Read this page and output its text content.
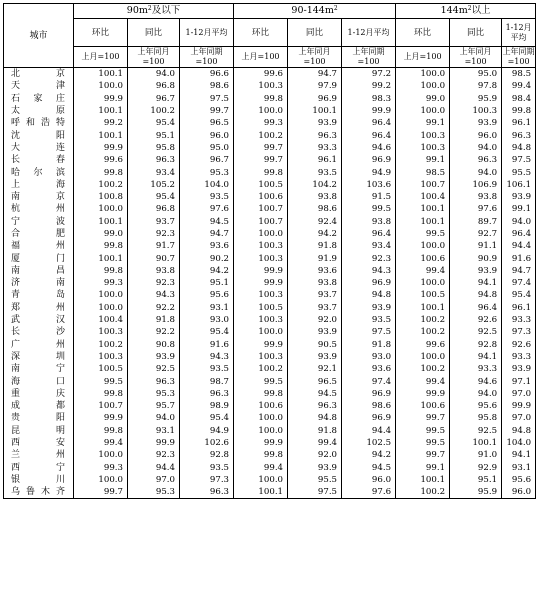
城市	$90m^2$及以下			$90-144m^2$			$144m^2$以上		
	环比	同比	1-12月平均	环比	同比	1-12月平均	环比	同比	1-12月平均
	上月=100	上年同月=100	上年同期=100	上月=100	上年同月=100	上年同期=100	上月=100	上年同月=100	上年同期=100
北京	100.1	94.0	96.6	99.6	94.7	97.2	100.0	95.0	98.5
天津	100.0	96.8	98.6	100.3	97.9	99.2	100.0	97.8	99.4
石家庄	99.9	96.7	97.5	99.8	96.9	98.3	99.0	95.9	98.4
太原	100.1	100.2	99.7	100.0	100.1	99.9	100.0	100.3	99.8
呼和浩特	99.2	95.4	96.5	99.3	93.9	96.4	99.1	93.9	96.1
沈阳	100.1	95.1	96.0	100.2	96.3	96.4	100.3	96.0	96.3
大连	99.9	95.8	95.0	99.7	93.3	94.6	100.3	94.0	94.8
长春	99.6	96.3	96.7	99.7	96.1	96.9	99.1	96.3	97.5
哈尔滨	99.8	93.4	95.3	99.8	93.5	94.9	98.5	94.0	95.5
上海	100.2	105.2	104.0	100.5	104.2	103.6	100.7	106.9	106.1
南京	100.8	95.4	93.5	100.6	93.8	91.5	100.4	93.8	93.9
杭州	100.0	96.8	97.6	100.7	98.6	99.5	100.1	97.6	99.1
宁波	100.1	93.7	94.5	100.7	92.4	93.8	100.1	89.7	94.0
合肥	99.0	92.3	94.7	100.0	94.2	96.4	99.5	92.7	96.4
福州	99.8	91.7	93.6	100.3	91.8	93.4	100.0	91.1	94.4
厦门	100.1	90.7	90.2	100.3	91.9	92.3	100.6	90.9	91.6
南昌	99.8	93.8	94.2	99.9	93.6	94.3	99.4	93.9	94.7
济南	99.3	92.3	95.1	99.9	93.8	96.9	100.0	94.1	97.4
青岛	100.0	94.3	95.6	100.3	93.7	94.8	100.5	94.8	95.4
郑州	100.0	92.2	93.1	100.5	93.7	93.9	100.1	96.4	96.1
武汉	100.4	91.8	93.0	100.3	92.0	93.5	100.2	92.6	93.3
长沙	100.3	92.2	95.4	100.0	93.9	97.5	100.2	92.5	97.3
广州	100.2	90.8	91.6	99.9	90.5	91.8	99.6	92.8	92.6
深圳	100.3	93.9	94.3	100.3	93.9	93.0	100.0	94.1	93.3
南宁	100.5	92.5	93.5	100.2	92.1	93.6	100.2	93.3	93.9
海口	99.5	96.3	98.7	99.5	96.5	97.4	99.4	94.6	97.1
重庆	99.8	95.3	96.3	99.8	94.5	96.9	99.9	94.0	97.0
成都	100.7	95.7	98.9	100.6	96.3	98.6	100.6	95.6	99.9
贵阳	99.9	94.0	95.4	100.0	94.8	96.9	99.7	95.8	97.0
昆明	99.8	93.1	94.9	100.0	91.8	94.4	99.5	92.5	94.8
西安	99.4	99.9	102.6	99.9	99.4	102.5	99.5	100.1	104.0
兰州	100.0	92.3	92.8	99.8	92.0	94.2	99.7	91.0	94.1
西宁	99.3	94.4	93.5	99.4	93.9	94.5	99.1	92.9	93.1
银川	100.0	97.0	97.3	100.0	95.5	96.0	100.1	95.1	95.6
乌鲁木齐	99.7	95.3	96.3	100.1	97.5	97.6	100.2	95.9	96.0
